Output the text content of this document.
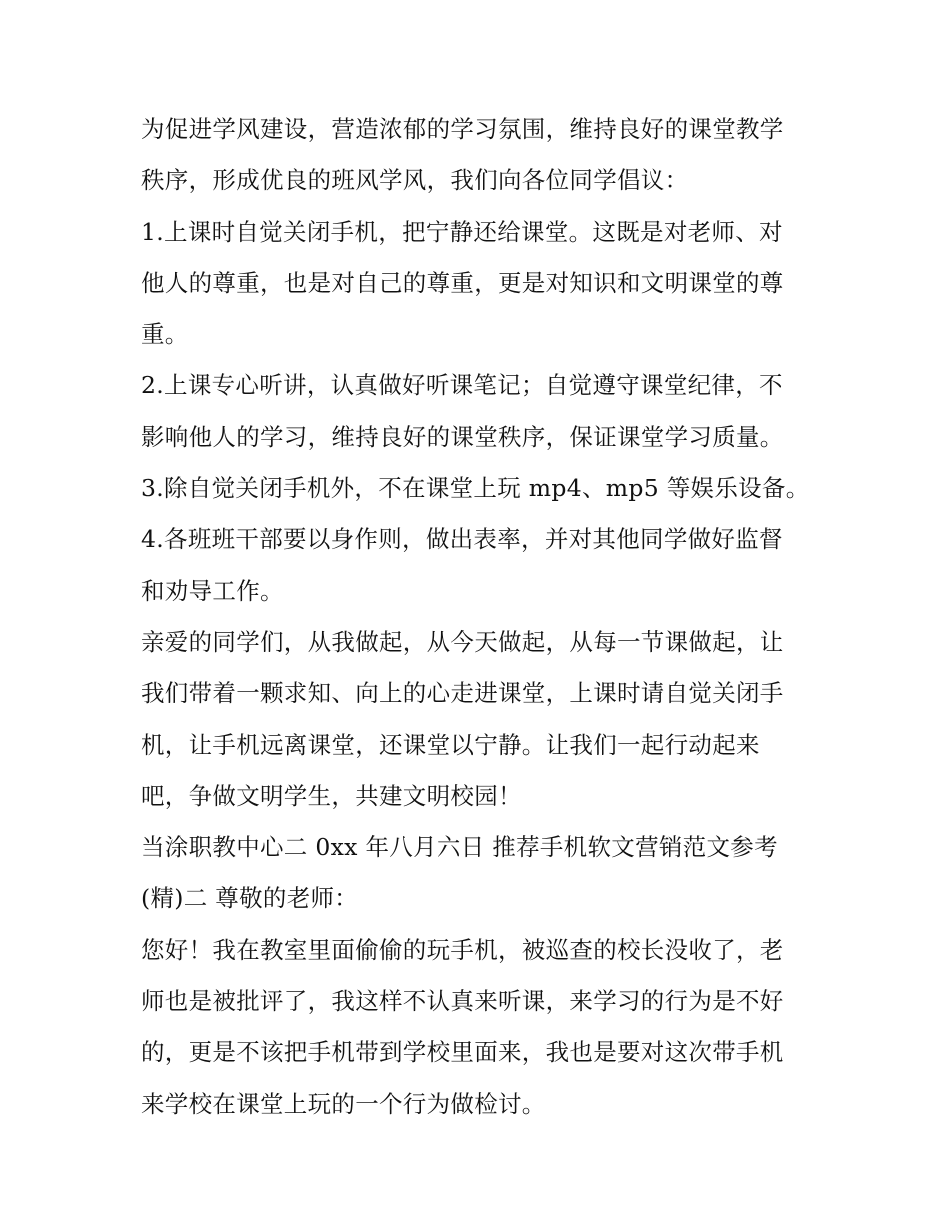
为促进学风建设，营造浓郁的学习氛围，维持良好的课堂教学
秩序，形成优良的班风学风，我们向各位同学倡议：
1.上课时自觉关闭手机，把宁静还给课堂。这既是对老师、对
他人的尊重，也是对自己的尊重，更是对知识和文明课堂的尊
重。
2.上课专心听讲，认真做好听课笔记；自觉遵守课堂纪律，不
影响他人的学习，维持良好的课堂秩序，保证课堂学习质量。
3.除自觉关闭手机外，不在课堂上玩 mp4、mp5 等娱乐设备。
4.各班班干部要以身作则，做出表率，并对其他同学做好监督
和劝导工作。
亲爱的同学们，从我做起，从今天做起，从每一节课做起，让
我们带着一颗求知、向上的心走进课堂，上课时请自觉关闭手
机，让手机远离课堂，还课堂以宁静。让我们一起行动起来
吧，争做文明学生，共建文明校园！
当涂职教中心二 0xx 年八月六日 推荐手机软文营销范文参考
(精)二 尊敬的老师：
您好！我在教室里面偷偷的玩手机，被巡查的校长没收了，老
师也是被批评了，我这样不认真来听课，来学习的行为是不好
的，更是不该把手机带到学校里面来，我也是要对这次带手机
来学校在课堂上玩的一个行为做检讨。
